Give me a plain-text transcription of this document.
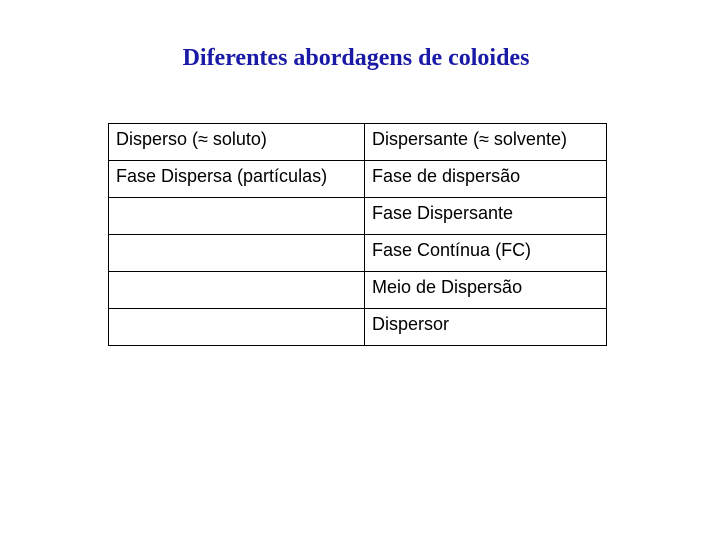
Diferentes abordagens de coloides
Disperso (≈ soluto)	Dispersante (≈ solvente)
Fase Dispersa (partículas)	Fase de dispersão
	Fase Dispersante
	Fase Contínua (FC)
	Meio de Dispersão
	Dispersor
